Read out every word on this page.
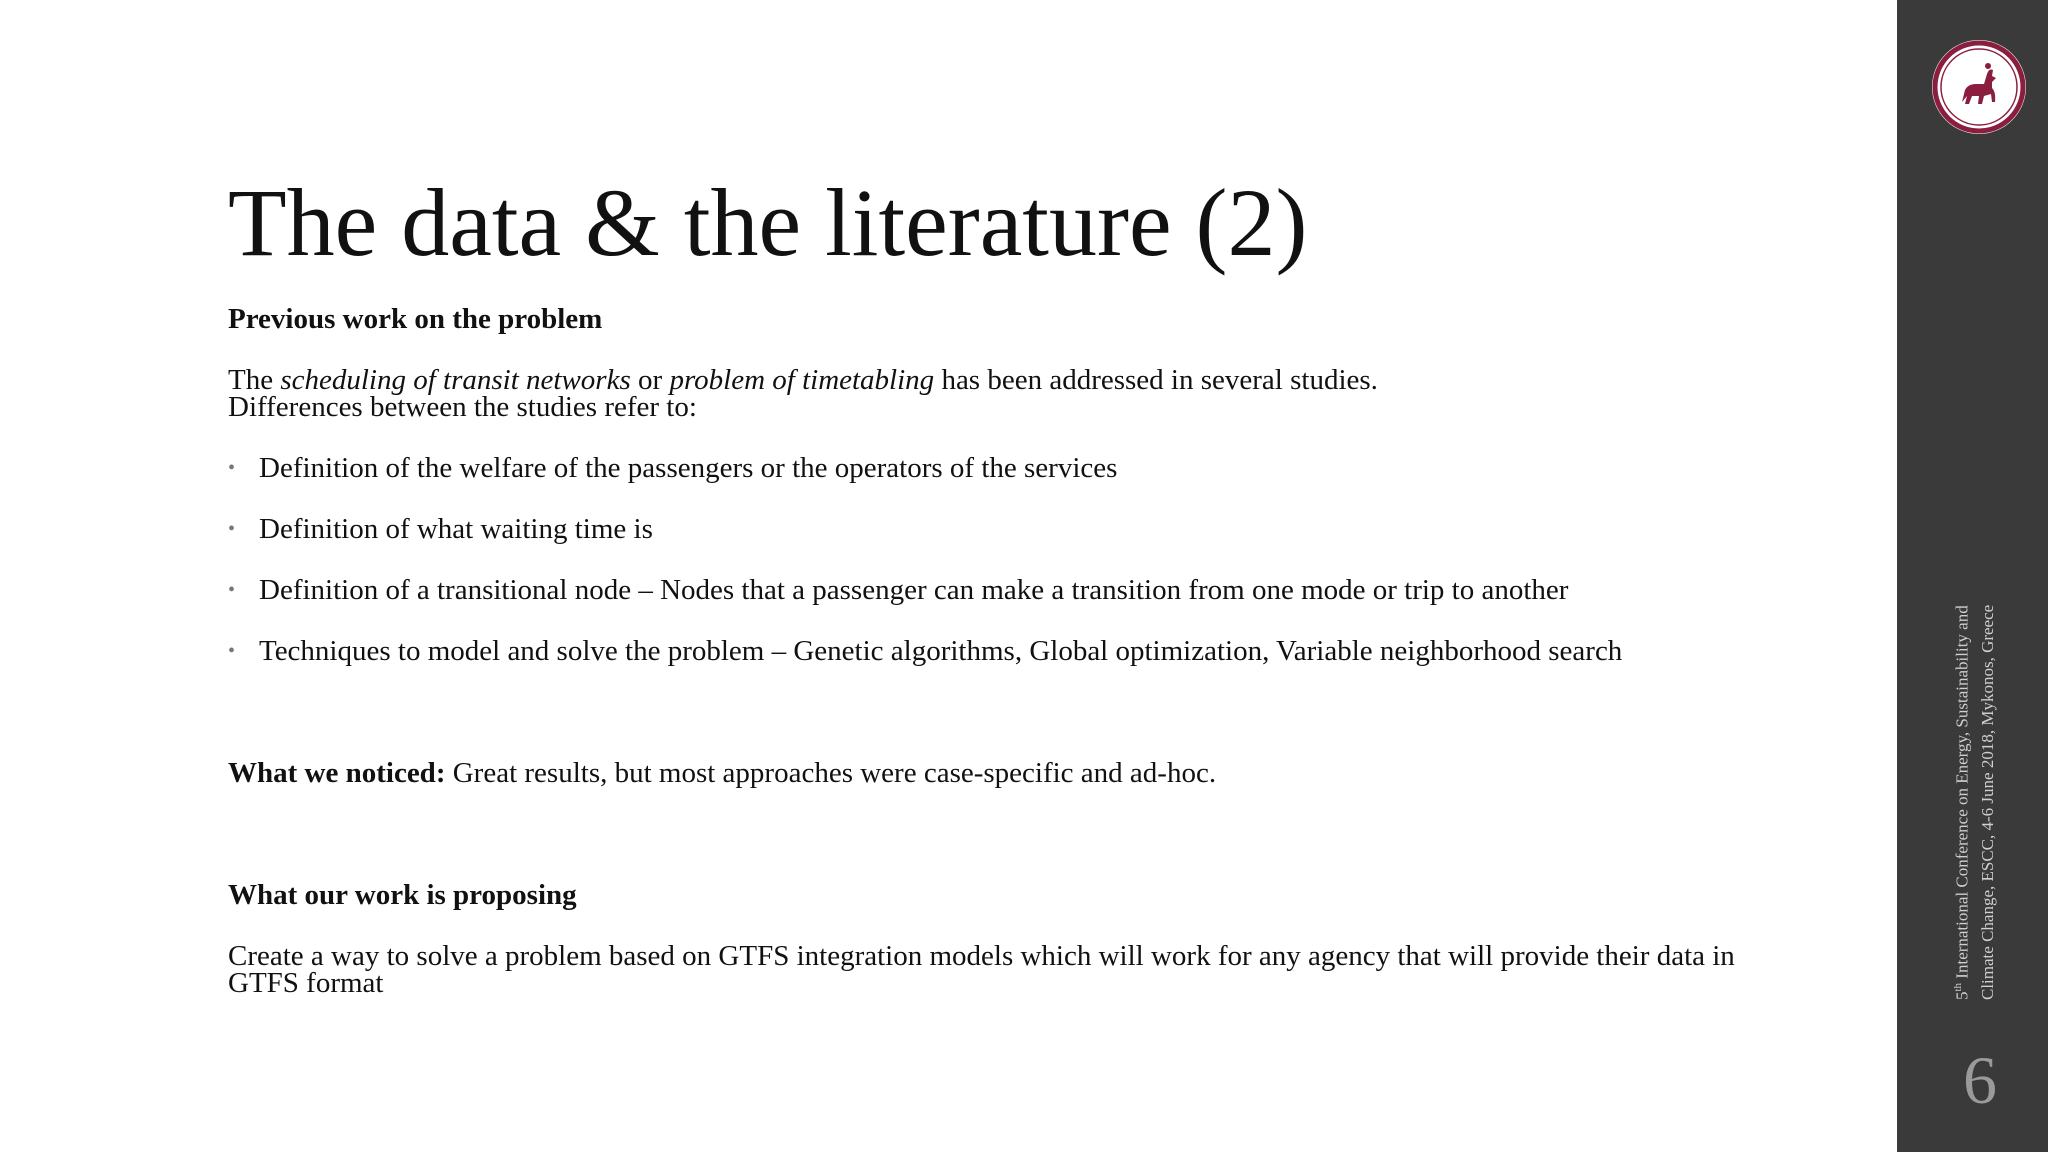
The data & the literature (2)

Previous work on the problem

The scheduling of transit networks or problem of timetabling has been addressed in several studies.
Differences between the studies refer to:

• Definition of the welfare of the passengers or the operators of the services
• Definition of what waiting time is
• Definition of a transitional node – Nodes that a passenger can make a transition from one mode or trip to another
• Techniques to model and solve the problem – Genetic algorithms, Global optimization, Variable neighborhood search

What we noticed: Great results, but most approaches were case-specific and ad-hoc.

What our work is proposing

Create a way to solve a problem based on GTFS integration models which will work for any agency that will provide their data in GTFS format	5th International Conference on Energy, Sustainability and Climate Change, ESCC, 4-6 June 2018, Mykonos, Greece
6
